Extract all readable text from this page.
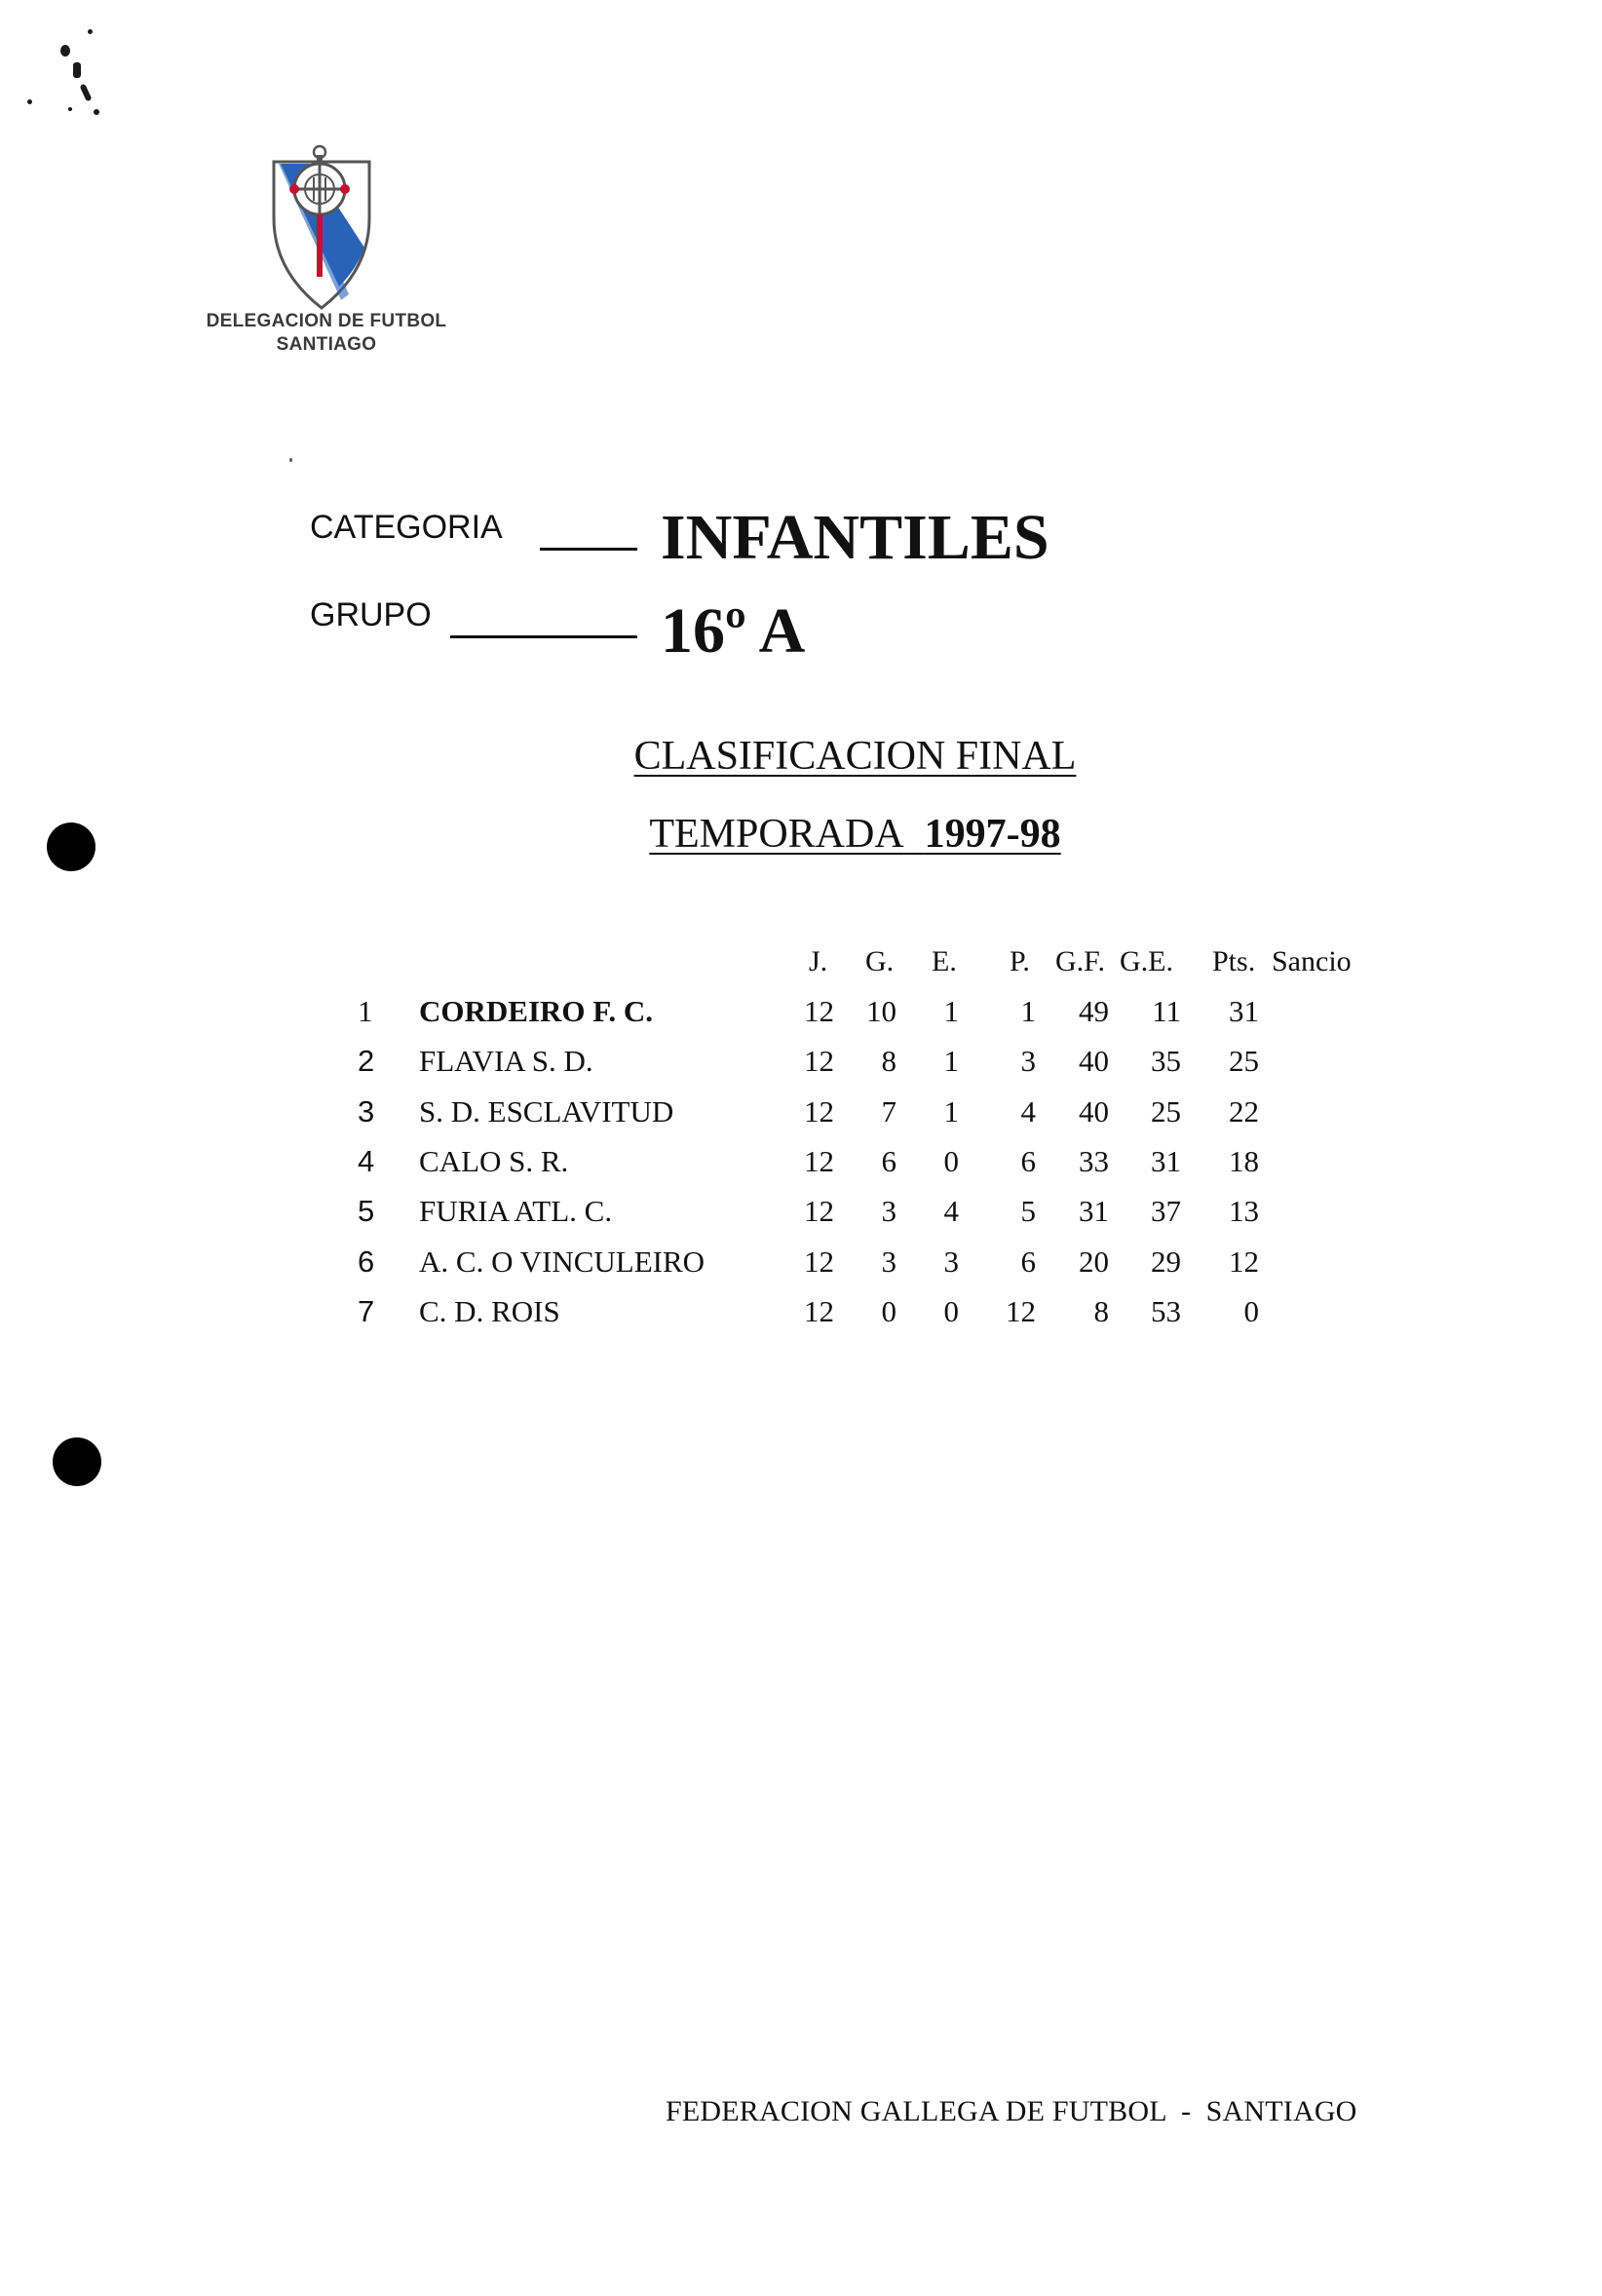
DELEGACION DE FUTBOL
SANTIAGO
CATEGORIA INFANTILES
GRUPO	16º A
CLASIFICACION FINAL
TEMPORADA 1997-98
J. G. E. P. G.F. G.E. Pts. Sancio
1 CORDEIRO F. C.	12	10	1	1	49	11	31
2 FLAVIA S. D.	12	8	1	3	40	35	25
3 S. D. ESCLAVITUD	12	7	1	4	40	25	22
4 CALO S. R.	12	6	0	6	33	31	18
5 FURIA ATL. C.	12	3	4	5	31	37	13
6 A. C. O VINCULEIRO	12	3	3	6	20	29	12
7 C. D. ROIS	12	0	0	12	8	53	0
FEDERACION GALLEGA DE FUTBOL  -  SANTIAGO
